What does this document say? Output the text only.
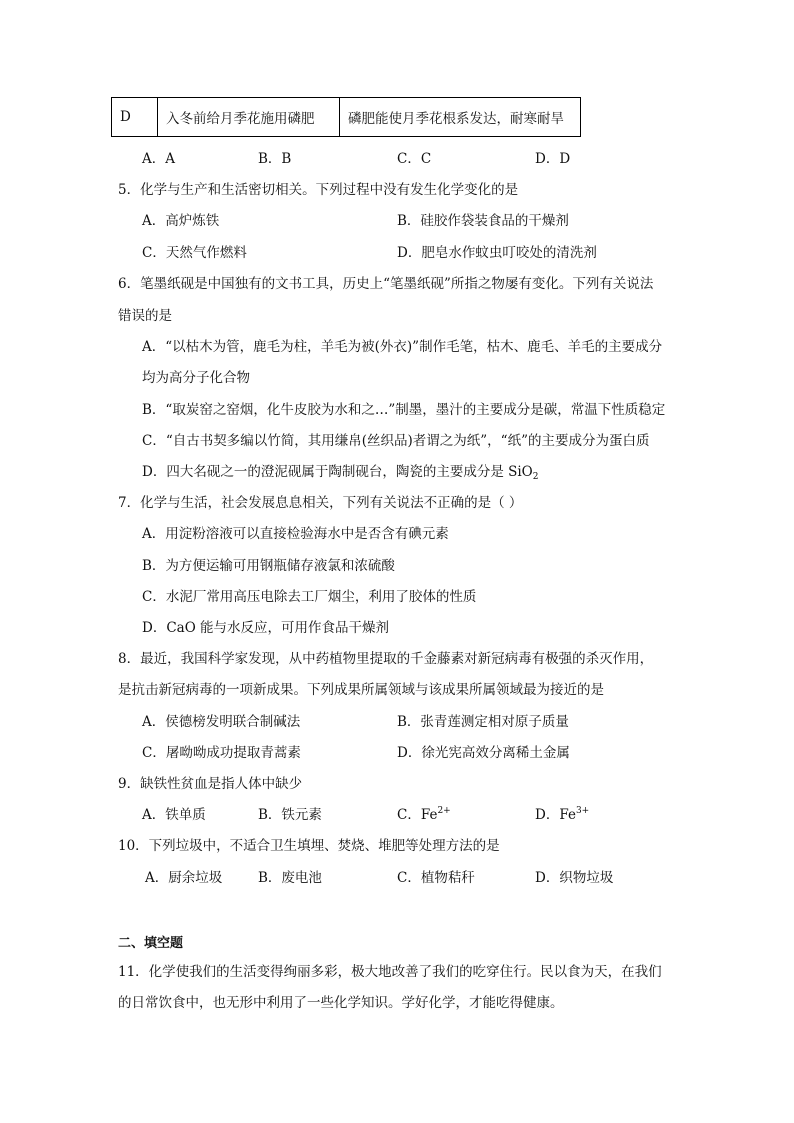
D	入冬前给月季花施用磷肥	磷肥能使月季花根系发达，耐寒耐旱
A．A	B．B	C．C	D．D
5．化学与生产和生活密切相关。下列过程中没有发生化学变化的是
A．高炉炼铁	B．硅胶作袋装食品的干燥剂
C．天然气作燃料	D．肥皂水作蚊虫叮咬处的清洗剂
6．笔墨纸砚是中国独有的文书工具，历史上“笔墨纸砚”所指之物屡有变化。下列有关说法
错误的是
A．“以枯木为管，鹿毛为柱，羊毛为被(外衣)”制作毛笔，枯木、鹿毛、羊毛的主要成分
均为高分子化合物
B．“取炭窑之窑烟，化牛皮胶为水和之…”制墨，墨汁的主要成分是碳，常温下性质稳定
C．“自古书契多编以竹简，其用缣帛(丝织品)者谓之为纸”，“纸”的主要成分为蛋白质
D．四大名砚之一的澄泥砚属于陶制砚台，陶瓷的主要成分是 SiO$_2$
7．化学与生活，社会发展息息相关，下列有关说法不正确的是（ ）
A．用淀粉溶液可以直接检验海水中是否含有碘元素
B．为方便运输可用钢瓶储存液氯和浓硫酸
C．水泥厂常用高压电除去工厂烟尘，利用了胶体的性质
D．CaO 能与水反应，可用作食品干燥剂
8．最近，我国科学家发现，从中药植物里提取的千金藤素对新冠病毒有极强的杀灭作用，
是抗击新冠病毒的一项新成果。下列成果所属领域与该成果所属领域最为接近的是
A．侯德榜发明联合制碱法	B．张青莲测定相对原子质量
C．屠呦呦成功提取青蒿素	D．徐光宪高效分离稀土金属
9．缺铁性贫血是指人体中缺少
A．铁单质	B．铁元素	C．$Fe^{2+}$	D．$Fe^{3+}$
10．下列垃圾中，不适合卫生填埋、焚烧、堆肥等处理方法的是
A．厨余垃圾	B．废电池	C．植物秸秆	D．织物垃圾
二、填空题
11．化学使我们的生活变得绚丽多彩，极大地改善了我们的吃穿住行。民以食为天，在我们
的日常饮食中，也无形中利用了一些化学知识。学好化学，才能吃得健康。
